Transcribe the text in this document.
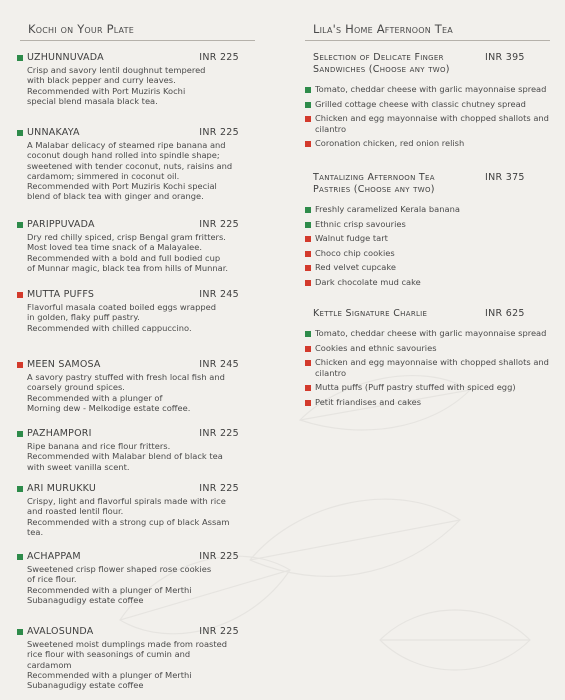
Kochi on Your Plate
UZHUNNUVADA	INR 225

Crisp and savory lentil doughnut tempered

with black pepper and curry leaves.

Recommended with Port Muziris Kochi

special blend masala black tea.

UNNAKAYA	INR 225

A Malabar delicacy of steamed ripe banana and

coconut dough hand rolled into spindle shape;

sweetened with tender coconut, nuts, raisins and

cardamom; simmered in coconut oil.

Recommended with Port Muziris Kochi special

blend of black tea with ginger and orange.

PARIPPUVADA	INR 225

Dry red chilly spiced, crisp Bengal gram fritters.

Most loved tea time snack of a Malayalee.

Recommended with a bold and full bodied cup

of Munnar magic, black tea from hills of Munnar.

MUTTA PUFFS	INR 245

Flavorful masala coated boiled eggs wrapped

in golden, flaky puff pastry.

Recommended with chilled cappuccino.

MEEN SAMOSA	INR 245

A savory pastry stuffed with fresh local fish and

coarsely ground spices.

Recommended with a plunger of

Morning dew - Melkodige estate coffee.

PAZHAMPORI	INR 225

Ripe banana and rice flour fritters.

Recommended with Malabar blend of black tea

with sweet vanilla scent.

ARI MURUKKU	INR 225

Crispy, light and flavorful spirals made with rice

and roasted lentil flour.

Recommended with a strong cup of black Assam

tea.

ACHAPPAM	INR 225

Sweetened crisp flower shaped rose cookies

of rice flour.

Recommended with a plunger of Merthi

Subanagudigy estate coffee

AVALOSUNDA	INR 225

Sweetened moist dumplings made from roasted

rice flour with seasonings of cumin and

cardamom

Recommended with a plunger of Merthi

Subanagudigy estate coffee

Lila's Home Afternoon Tea
Selection of Delicate Finger Sandwiches (Choose any two)
INR 395
Tomato, cheddar cheese with garlic mayonnaise spread
Grilled cottage cheese with classic chutney spread
Chicken and egg mayonnaise with chopped shallots and cilantro
Coronation chicken, red onion relish
Tantalizing Afternoon Tea Pastries (Choose any two)
INR 375
Freshly caramelized Kerala banana
Ethnic crisp savouries
Walnut fudge tart
Choco chip cookies
Red velvet cupcake
Dark chocolate mud cake
Kettle Signature Charlie	INR 625
Tomato, cheddar cheese with garlic mayonnaise spread
Cookies and ethnic savouries
Chicken and egg mayonnaise with chopped shallots and cilantro
Mutta puffs (Puff pastry stuffed with spiced egg)
Petit friandises and cakes
